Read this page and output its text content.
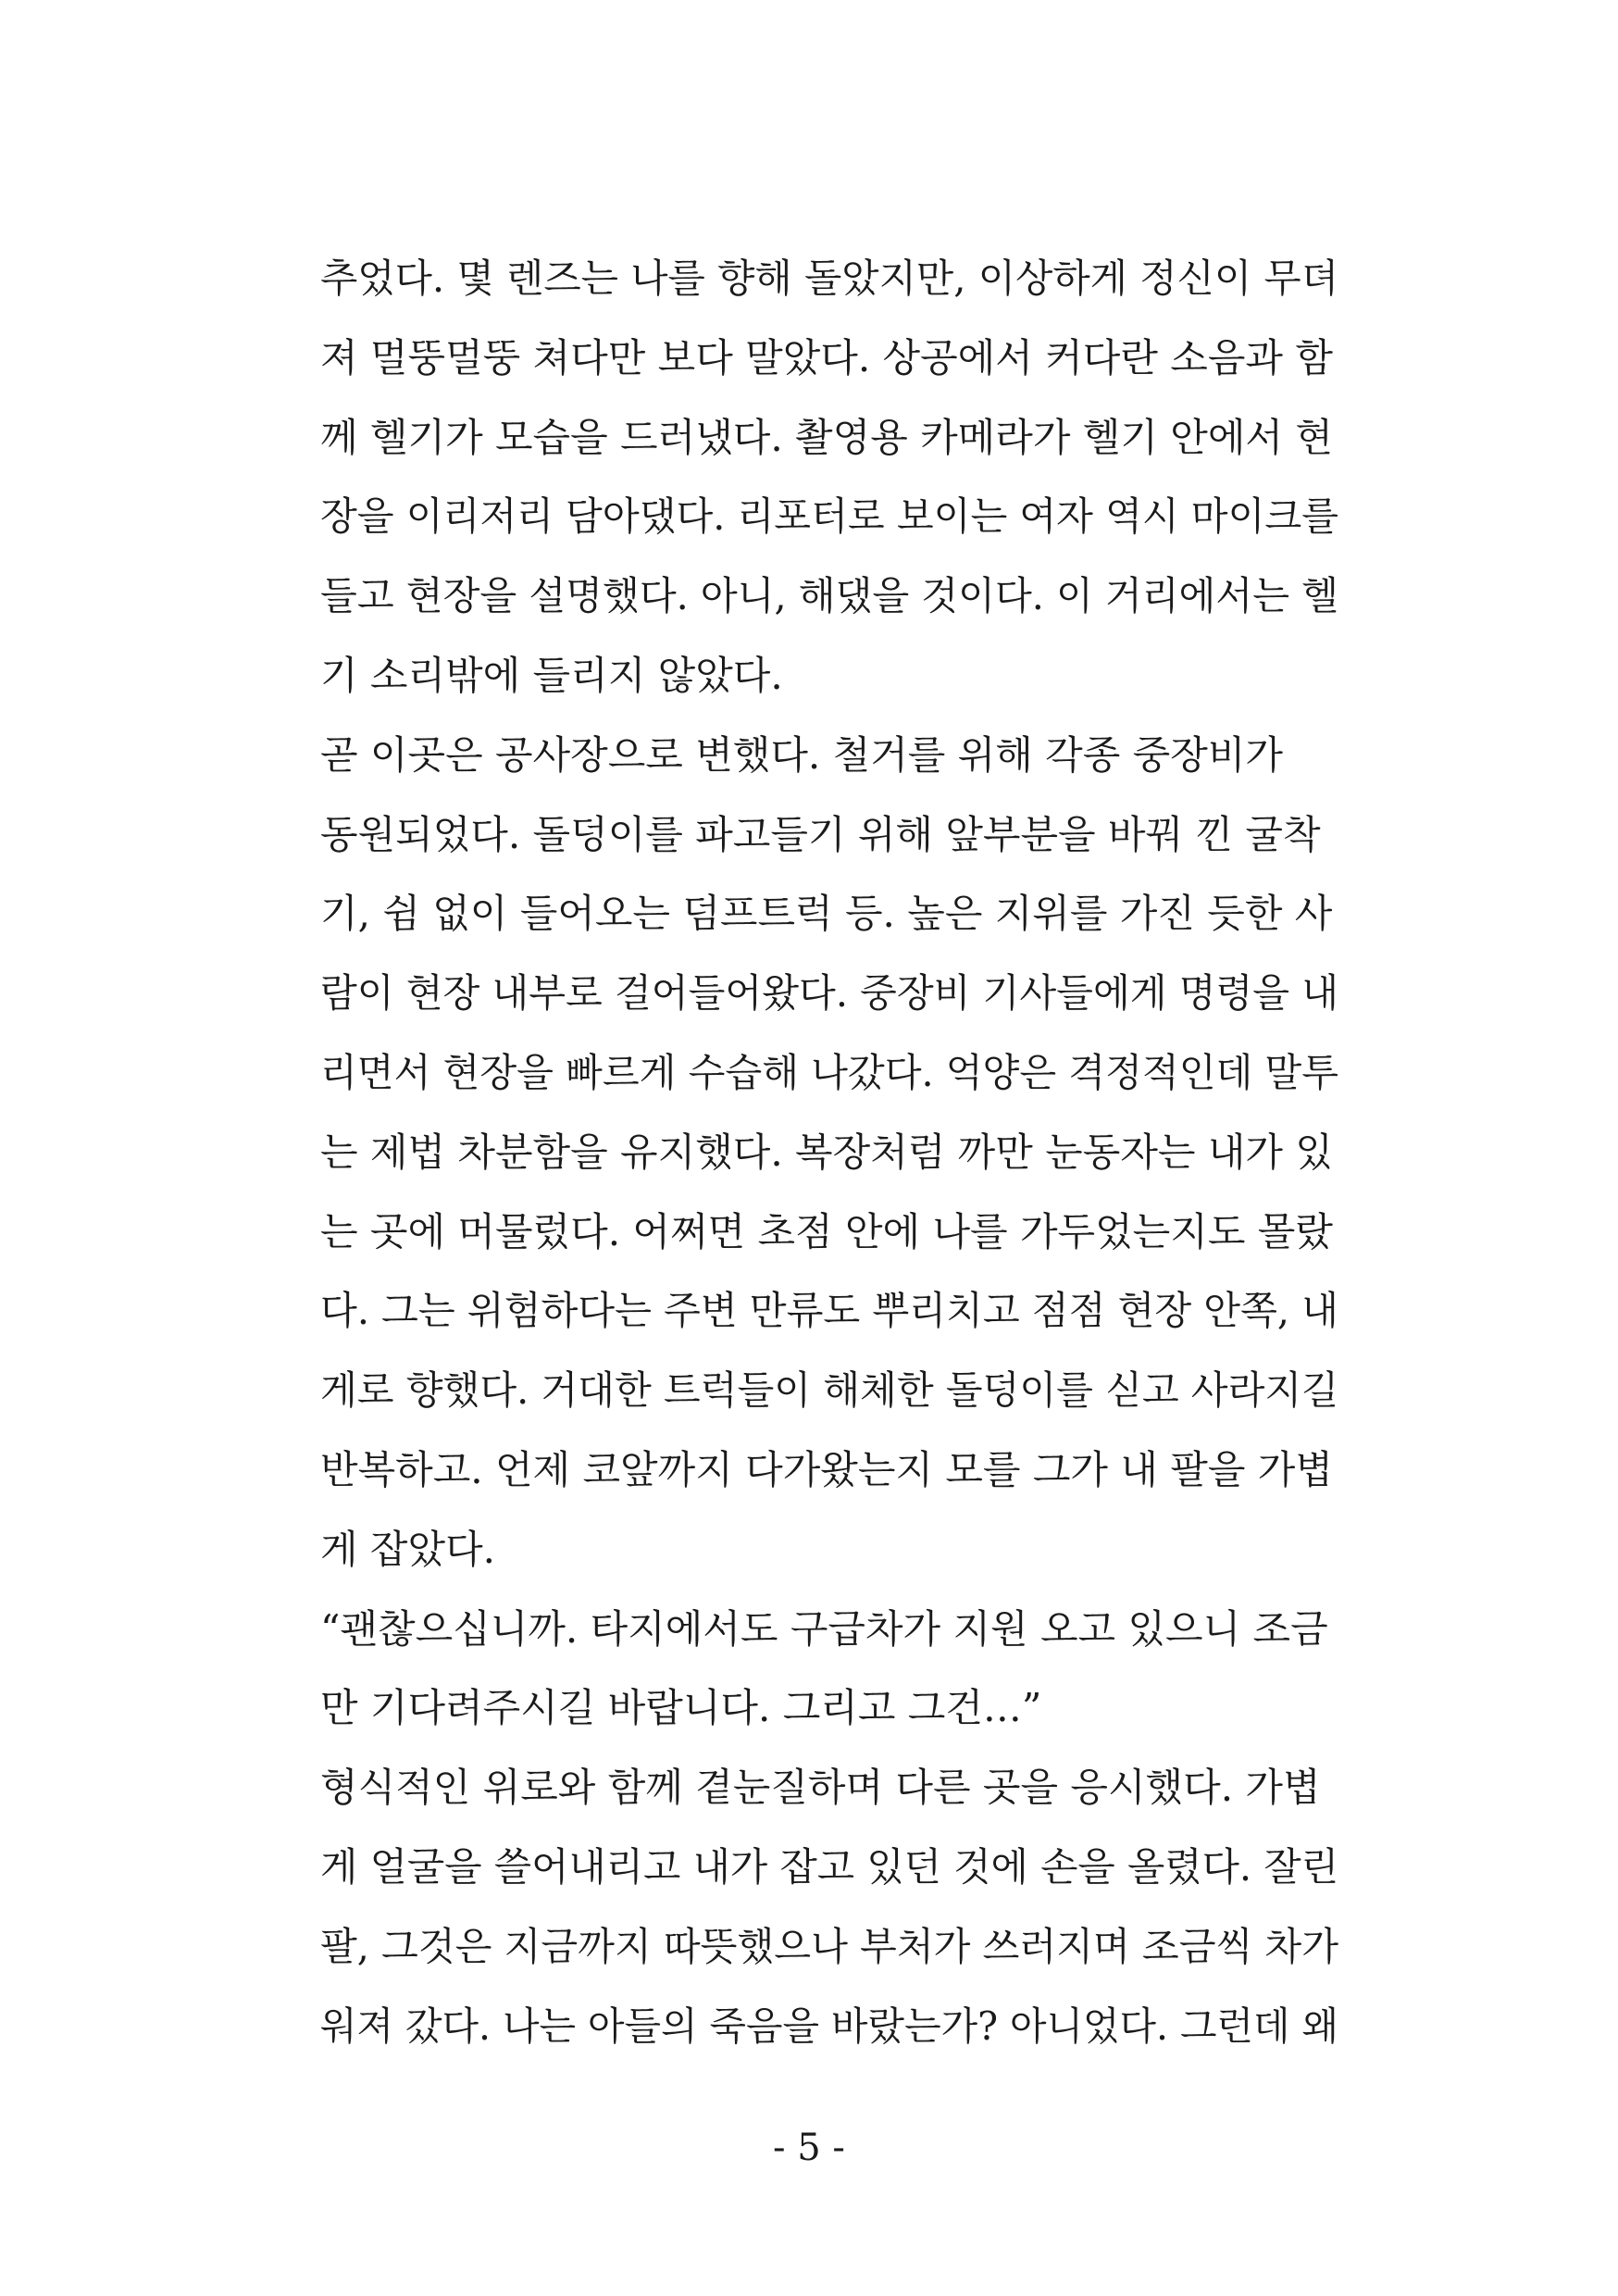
추었다. 몇 렌즈는 나를 향해 돌았지만, 이상하게 정신이 무뎌
져 멀뚱멀뚱 쳐다만 보다 말았다. 상공에서 커다란 소음과 함
께 헬기가 모습을 드러냈다. 촬영용 카메라가 헬기 안에서 현
장을 이리저리 담아댔다. 리포터로 보이는 여자 역시 마이크를
들고 현장을 설명했다. 아니, 해댔을 것이다. 이 거리에서는 헬
기 소리밖에 들리지 않았다.
곧 이곳은 공사장으로 변했다. 철거를 위해 각종 중장비가
동원되었다. 돌덩이를 파고들기 위해 앞부분을 바꿔 낀 굴착
기, 쉼 없이 들어오는 덤프트럭 등. 높은 지위를 가진 듯한 사
람이 현장 내부로 걸어들어왔다. 중장비 기사들에게 명령을 내
리면서 현장을 빠르게 수습해 나갔다. 억양은 격정적인데 말투
는 제법 차분함을 유지했다. 복장처럼 까만 눈동자는 내가 있
는 곳에 머물렀다. 어쩌면 초점 안에 나를 가두었는지도 몰랐
다. 그는 위험하다는 주변 만류도 뿌리치고 점점 현장 안쪽, 내
게로 향했다. 거대한 트럭들이 해체한 돌덩이를 싣고 사라지길
반복하고. 언제 코앞까지 다가왔는지 모를 그가 내 팔을 가볍
게 잡았다.
“괜찮으십니까. 타지에서도 구급차가 지원 오고 있으니 조금
만 기다려주시길 바랍니다. 그리고 그건…”
형식적인 위로와 함께 곁눈질하며 다른 곳을 응시했다. 가볍
게 얼굴을 쓸어내리고 내가 잡고 있던 것에 손을 올렸다. 잘린
팔, 그것은 지금까지 따뜻했으나 부처가 쓰러지며 조금씩 차가
워져 갔다. 나는 아들의 죽음을 바랐는가? 아니었다. 그런데 왜
- 5 -
